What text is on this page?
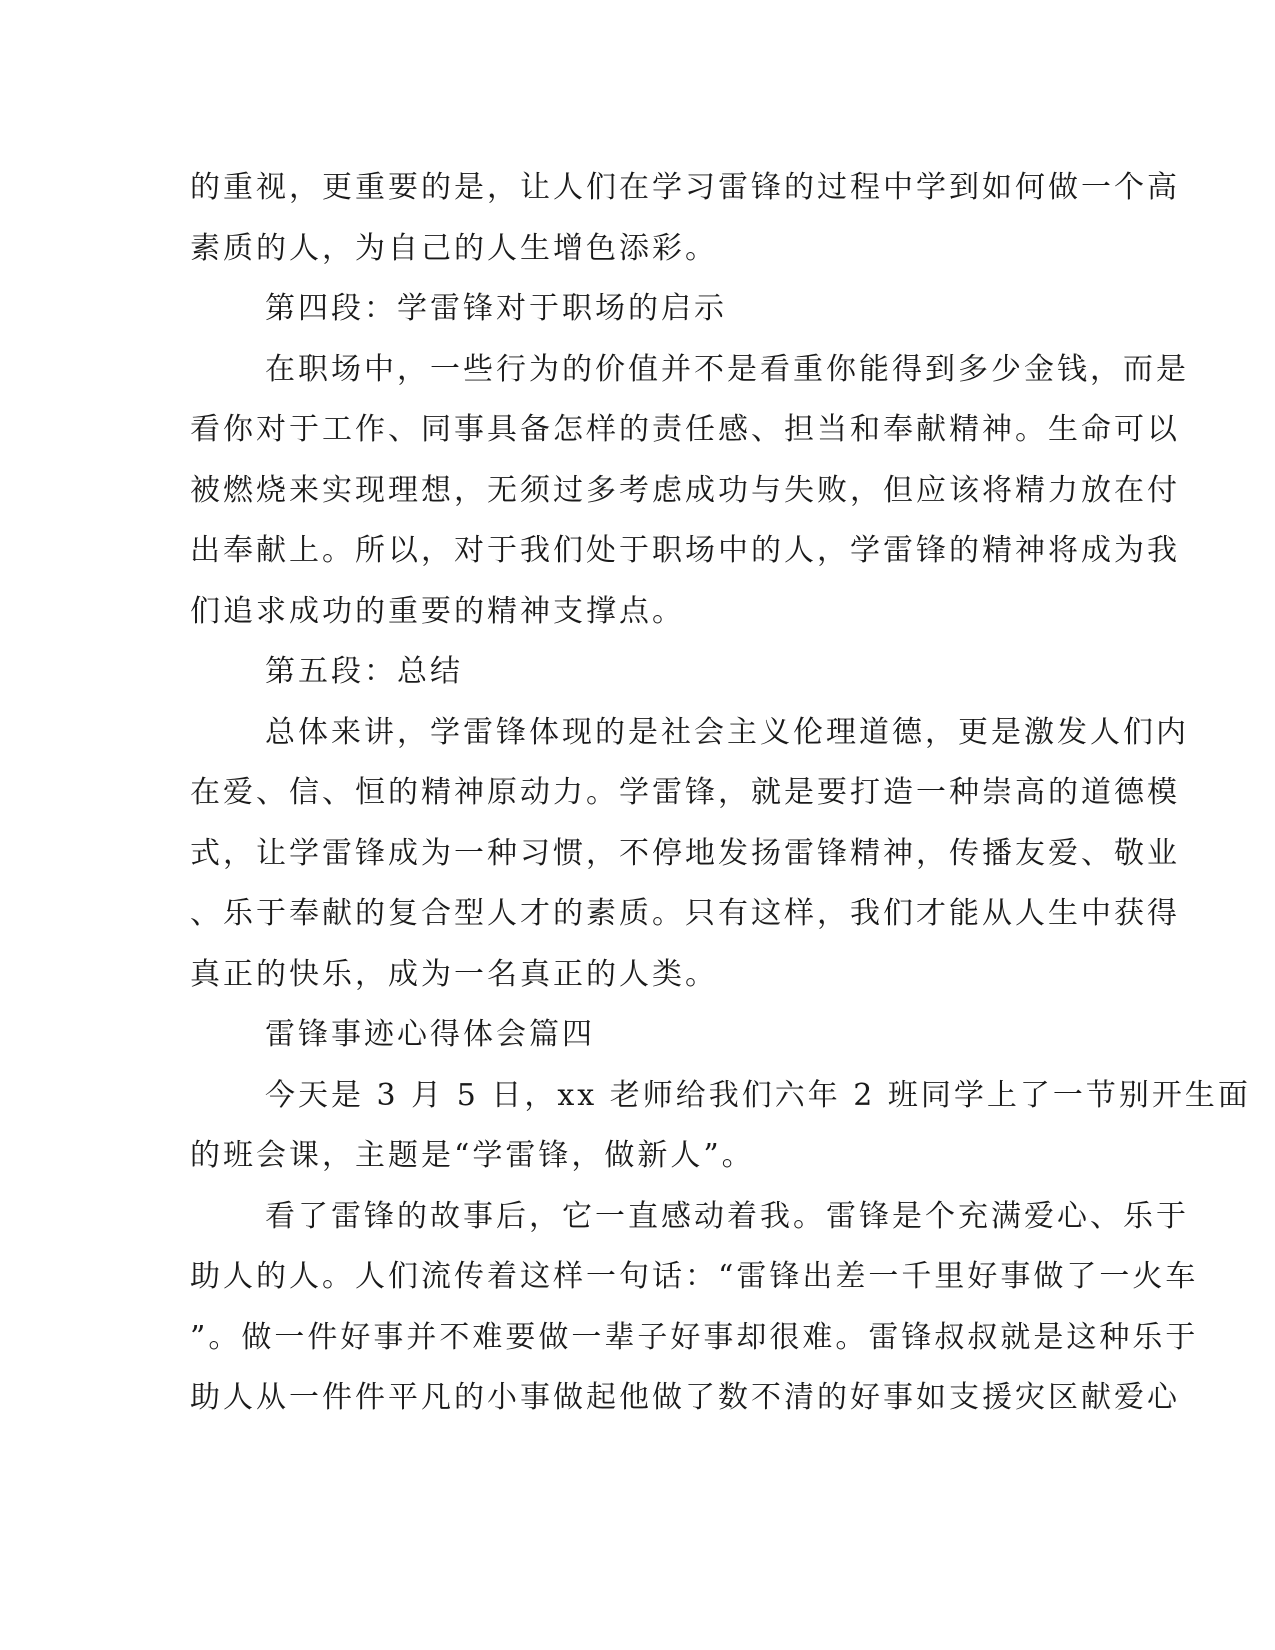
的重视，更重要的是，让人们在学习雷锋的过程中学到如何做一个高
素质的人，为自己的人生增色添彩。
第四段：学雷锋对于职场的启示
在职场中，一些行为的价值并不是看重你能得到多少金钱，而是
看你对于工作、同事具备怎样的责任感、担当和奉献精神。生命可以
被燃烧来实现理想，无须过多考虑成功与失败，但应该将精力放在付
出奉献上。所以，对于我们处于职场中的人，学雷锋的精神将成为我
们追求成功的重要的精神支撑点。
第五段：总结
总体来讲，学雷锋体现的是社会主义伦理道德，更是激发人们内
在爱、信、恒的精神原动力。学雷锋，就是要打造一种崇高的道德模
式，让学雷锋成为一种习惯，不停地发扬雷锋精神，传播友爱、敬业
、乐于奉献的复合型人才的素质。只有这样，我们才能从人生中获得
真正的快乐，成为一名真正的人类。
雷锋事迹心得体会篇四
今天是 3 月 5 日，xx 老师给我们六年 2 班同学上了一节别开生面
的班会课，主题是“学雷锋，做新人”。
看了雷锋的故事后，它一直感动着我。雷锋是个充满爱心、乐于
助人的人。人们流传着这样一句话：“雷锋出差一千里好事做了一火车
”。做一件好事并不难要做一辈子好事却很难。雷锋叔叔就是这种乐于
助人从一件件平凡的小事做起他做了数不清的好事如支援灾区献爱心
